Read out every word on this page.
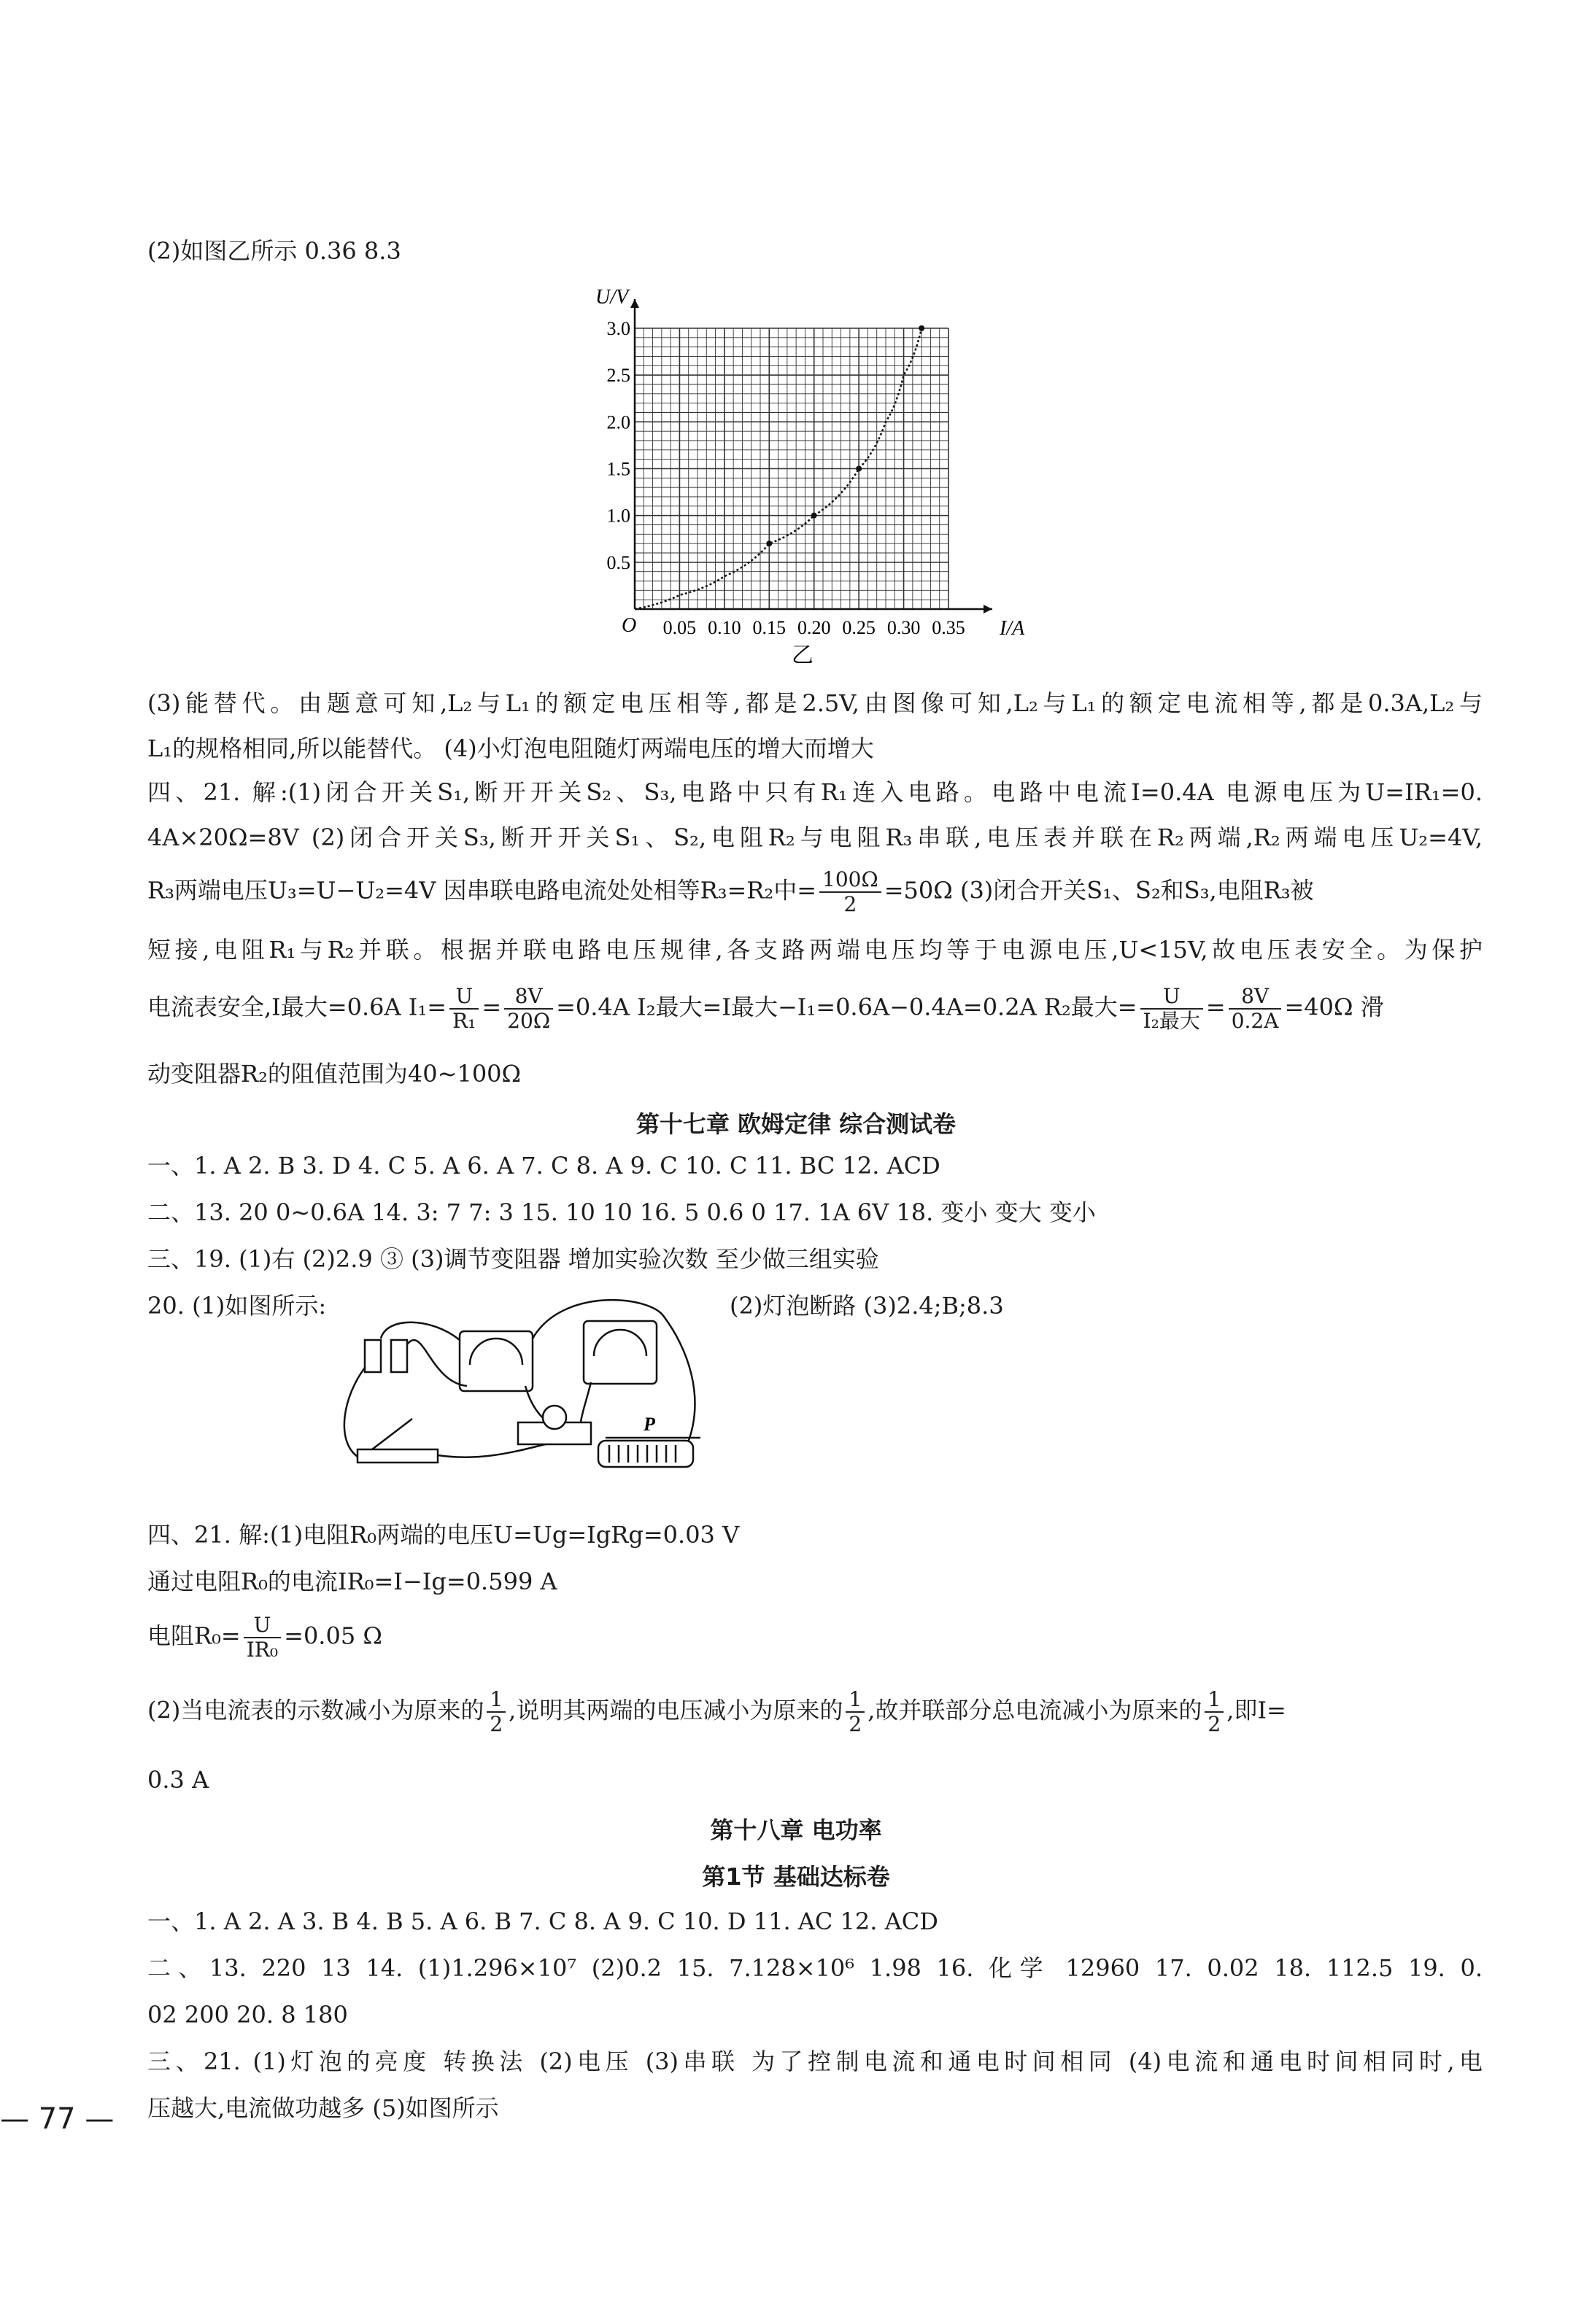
(2)如图乙所示 0.36 8.3
0.05 0.10 0.15 0.20 0.25 0.30 0.35
0.5
1.0
1.5
2.0
2.5
3.0
U/V
I/A
O
乙
(3)能替代。由题意可知,L₂与L₁的额定电压相等,都是2.5V,由图像可知,L₂与L₁的额定电流相等,都是0.3A,L₂与
L₁的规格相同,所以能替代。 (4)小灯泡电阻随灯两端电压的增大而增大
四、21. 解:(1)闭合开关S₁,断开开关S₂、S₃,电路中只有R₁连入电路。电路中电流I=0.4A 电源电压为U=IR₁=0.
4A×20Ω=8V (2)闭合开关S₃,断开开关S₁、S₂,电阻R₂与电阻R₃串联,电压表并联在R₂两端,R₂两端电压U₂=4V,
R₃两端电压U₃=U−U₂=4V 因串联电路电流处处相等R₃=R₂中= $\frac{100\Omega}{2} =50\Omega$ (3)闭合开关S₁、S₂和S₃,电阻R₃被
短接,电阻R₁与R₂并联。根据并联电路电压规律,各支路两端电压均等于电源电压,U<15V,故电压表安全。为保护
电流表安全,I最大=0.6A $I_1= \frac{U}{\text{R₁}} = \frac{8V}{20\Omega} =0.4A$ I₂最大=I最大−I₁=0.6A−0.4A=0.2A R₂最大= $\frac{U}{\text{I₂最大}} = \frac{8V}{0.2A} =40\Omega$ 滑
动变阻器R₂的阻值范围为40~100Ω
第十七章 欧姆定律 综合测试卷
一、1. A 2. B 3. D 4. C 5. A 6. A 7. C 8. A 9. C 10. C 11. BC 12. ACD
二、13. 20 0~0.6A 14. 3: 7 7: 3 15. 10 10 16. 5 0.6 0 17. 1A 6V 18. 变小 变大 变小
三、19. (1)右 (2)2.9 ③ (3)调节变阻器 增加实验次数 至少做三组实验
20. (1)如图所示:	(2)灯泡断路 (3)2.4;B;8.3
P
四、21. 解:(1)电阻R₀两端的电压U=Ug=IgRg=0.03 V
通过电阻R₀的电流IR₀=I−Ig=0.599 A
电阻$R_0= \frac{U}{\text{IR₀}} =0.05$ Ω
(2)当电流表的示数减小为原来的 $\frac{1}{2}$ ,说明其两端的电压减小为原来的 $\frac{1}{2}$ ,故并联部分总电流减小为原来的 $\frac{1}{2}$ ,即I=
0.3 A
第十八章 电功率
第1节 基础达标卷
一、1. A 2. A 3. B 4. B 5. A 6. B 7. C 8. A 9. C 10. D 11. AC 12. ACD
二、13. 220 13 14. (1)1.296×10⁷ (2)0.2 15. 7.128×10⁶ 1.98 16. 化学 12960 17. 0.02 18. 112.5 19. 0.
02 200 20. 8 180
三、21. (1)灯泡的亮度 转换法 (2)电压 (3)串联 为了控制电流和通电时间相同 (4)电流和通电时间相同时,电
压越大,电流做功越多 (5)如图所示
— 77 —
